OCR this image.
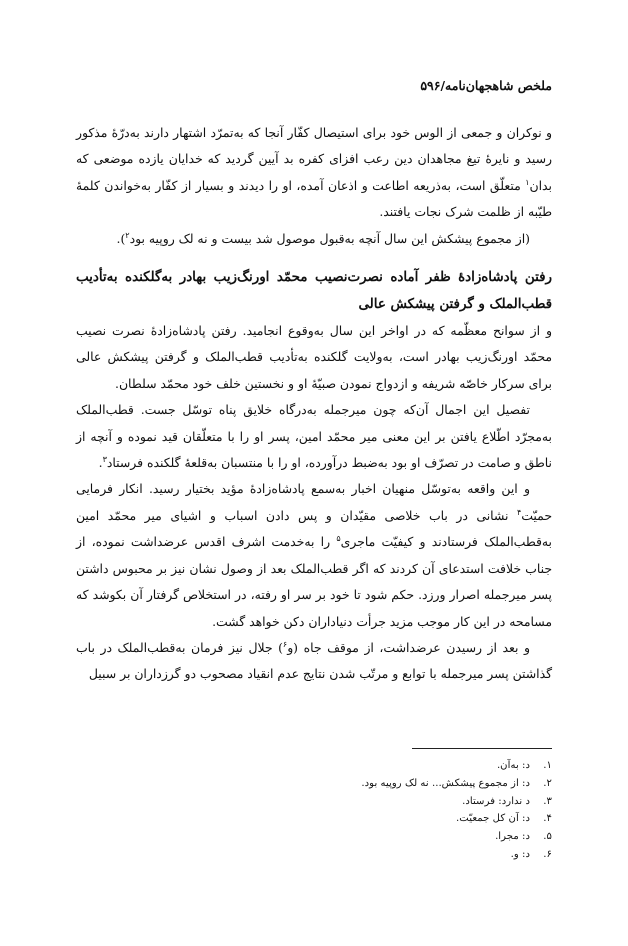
ملخص شاهجهان‌نامه/۵۹۶

و نوکران و جمعی از الوس خود برای استیصال کفّار آنجا که به‌تمرّد اشتهار دارند به‌درّهٔ مذکور رسید و نایرهٔ تیغ مجاهدان دین رعب افزای کفره بد آیین گردید که خدایان یازده موضعی که بدان$^۱$ متعلّق است، به‌ذریعه اطاعت و اذعان آمده، او را دیدند و بسیار از کفّار به‌خواندن کلمهٔ طیّبه از ظلمت شرک نجات یافتند.

(از مجموع پیشکش این سال آنچه به‌قبول موصول شد بیست و نه لک روپیه بود$^۲$).

رفتن پادشاه‌زادهٔ ظفر آماده نصرت‌نصیب محمّد اورنگ‌زیب بهادر به‌گلکنده به‌تأدیب قطب‌الملک و گرفتن پیشکش عالی

و از سوانح معظّمه که در اواخر این سال به‌وقوع انجامید. رفتن پادشاه‌زادهٔ نصرت نصیب محمّد اورنگ‌زیب بهادر است، به‌ولایت گلکنده به‌تأدیب قطب‌الملک و گرفتن پیشکش عالی برای سرکار خاصّه شریفه و ازدواج نمودن صبیّهٔ او و نخستین خلف خود محمّد سلطان.

تفصیل این اجمال آن‌که چون میرجمله به‌درگاه خلایق پناه توسّل جست. قطب‌الملک به‌مجرّد اطّلاع یافتن بر این معنی میر محمّد امین، پسر او را با متعلّقان قید نموده و آنچه از ناطق و صامت در تصرّف او بود به‌ضبط درآورده، او را با منتسبان به‌قلعهٔ گلکنده فرستاد$^۳$.

و این واقعه به‌توسّل منهیان اخبار به‌سمع پادشاه‌زادهٔ مؤید بختیار رسید. انکار فرمایی حمیّت$^۴$ نشانی در باب خلاصی مقیّدان و پس دادن اسباب و اشیای میر محمّد امین به‌قطب‌الملک فرستادند و کیفیّت ماجری$^۵$ را به‌خدمت اشرف اقدس عرضداشت نموده، از جناب خلافت استدعای آن کردند که اگر قطب‌الملک بعد از وصول نشان نیز بر محبوس داشتن پسر میرجمله اصرار ورزد. حکم شود تا خود بر سر او رفته، در استخلاص گرفتار آن بکوشد که مسامحه در این کار موجب مزید جرأت دنیاداران دکن خواهد گشت.

و بعد از رسیدن عرضداشت، از موقف جاه (و$^۶$) جلال نیز فرمان به‌قطب‌الملک در باب گذاشتن پسر میرجمله با توابع و مرتّب شدن نتایج عدم انقیاد مصحوب دو گرزداران بر سبیل

۱.د: به‌آن.

۲.د: از مجموع پیشکش... نه لک روپیه بود.

۳.د ندارد: فرستاد.

۴.د: آن کل جمعیّت.

۵.د: مجرا.

۶.د: و.
